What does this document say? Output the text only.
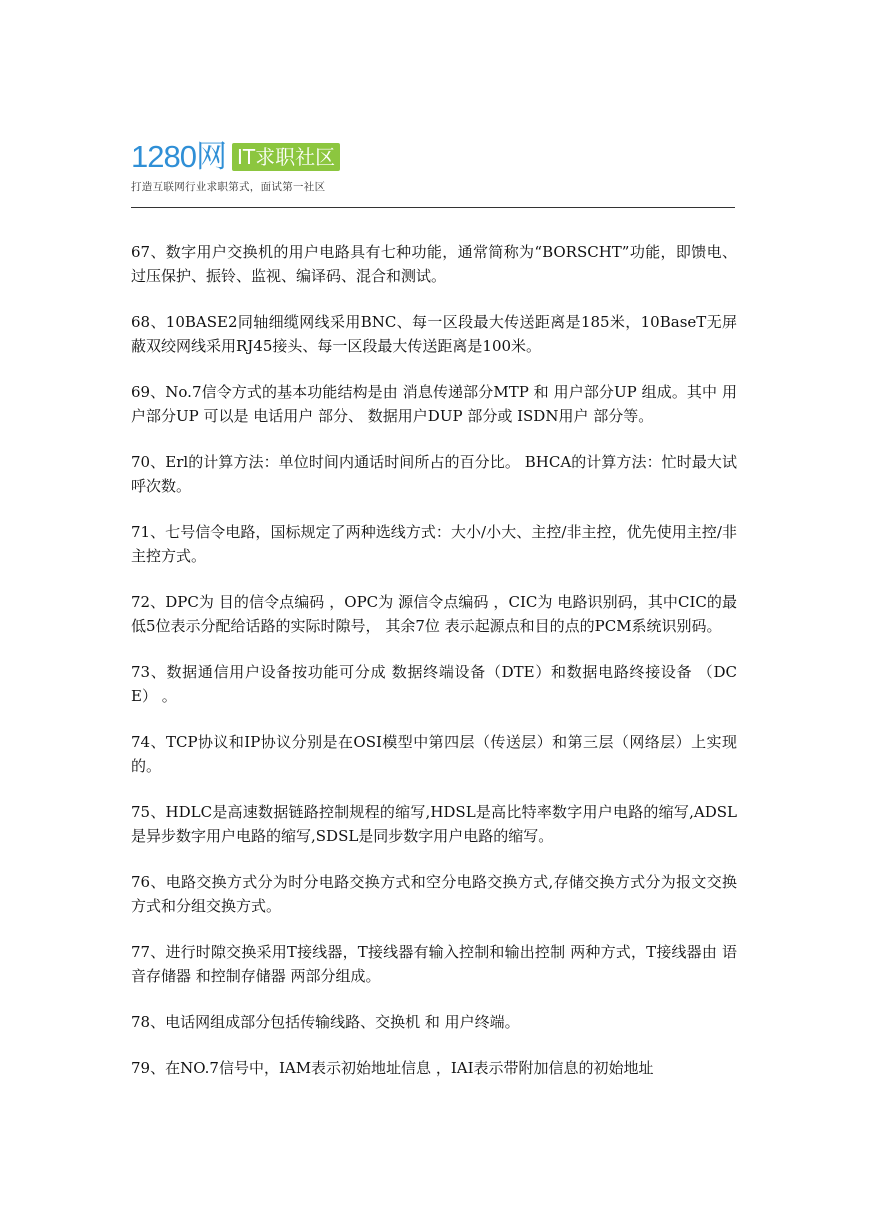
1280网 IT求职社区
打造互联网行业求职第式，面试第一社区

67、数字用户交换机的用户电路具有七种功能，通常简称为“BORSCHT”功能，即馈电、过压保护、振铃、监视、编译码、混合和测试。

68、10BASE2同轴细缆网线采用BNC、每一区段最大传送距离是185米，10BaseT无屏蔽双绞网线采用RJ45接头、每一区段最大传送距离是100米。

69、No.7信令方式的基本功能结构是由 消息传递部分MTP 和 用户部分UP 组成。其中 用户部分UP 可以是 电话用户 部分、 数据用户DUP 部分或 ISDN用户 部分等。

70、Erl的计算方法：单位时间内通话时间所占的百分比。 BHCA的计算方法：忙时最大试呼次数。

71、七号信令电路，国标规定了两种选线方式：大小/小大、主控/非主控，优先使用主控/非主控方式。

72、DPC为 目的信令点编码 ，OPC为 源信令点编码 ，CIC为 电路识别码，其中CIC的最低5位表示分配给话路的实际时隙号， 其余7位 表示起源点和目的点的PCM系统识别码。

73、数据通信用户设备按功能可分成 数据终端设备（DTE）和数据电路终接设备 （DCE） 。

74、TCP协议和IP协议分别是在OSI模型中第四层（传送层）和第三层（网络层）上实现的。

75、HDLC是高速数据链路控制规程的缩写,HDSL是高比特率数字用户电路的缩写,ADSL是异步数字用户电路的缩写,SDSL是同步数字用户电路的缩写。

76、电路交换方式分为时分电路交换方式和空分电路交换方式,存储交换方式分为报文交换方式和分组交换方式。

77、进行时隙交换采用T接线器，T接线器有输入控制和输出控制 两种方式，T接线器由 语音存储器 和控制存储器 两部分组成。

78、电话网组成部分包括传输线路、交换机 和 用户终端。

79、在NO.7信号中，IAM表示初始地址信息 ，IAI表示带附加信息的初始地址
